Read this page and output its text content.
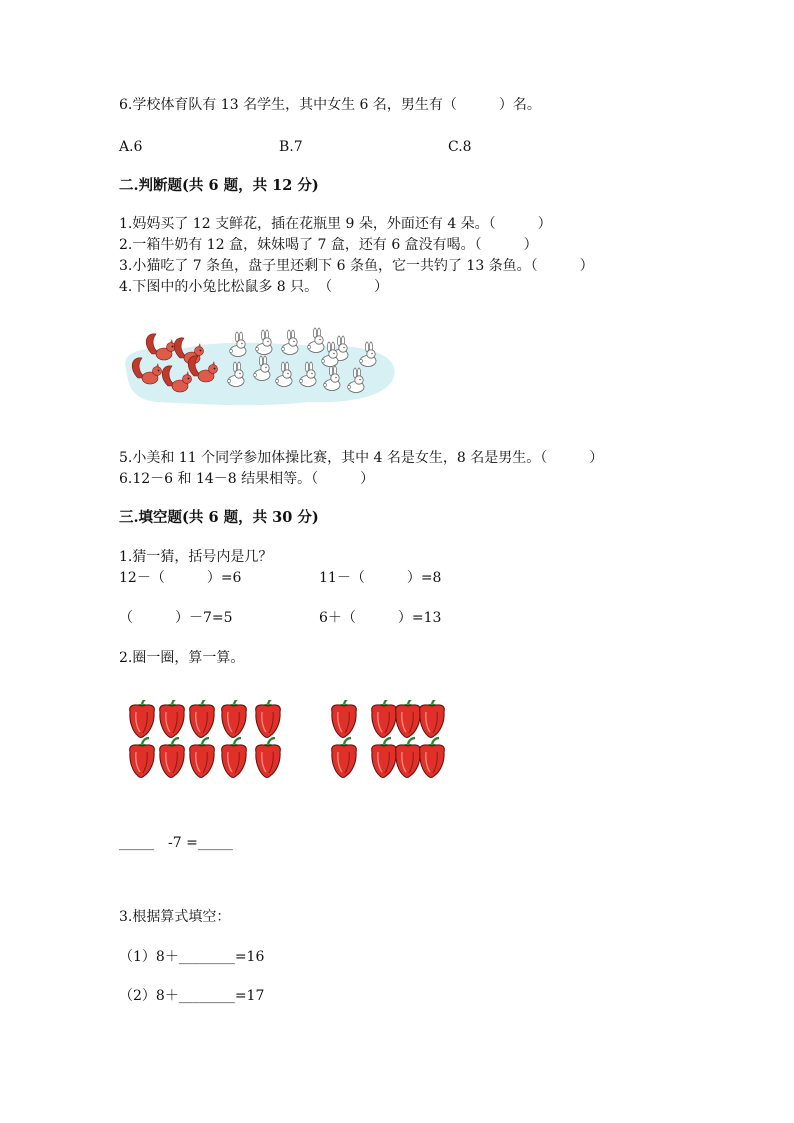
6.学校体育队有 13 名学生，其中女生 6 名，男生有（　　　）名。
A.6	B.7	C.8
二.判断题(共 6 题，共 12 分)
1.妈妈买了 12 支鲜花，插在花瓶里 9 朵，外面还有 4 朵。（　　　）
2.一箱牛奶有 12 盒，妹妹喝了 7 盒，还有 6 盒没有喝。（　　　）
3.小猫吃了 7 条鱼，盘子里还剩下 6 条鱼，它一共钓了 13 条鱼。（　　　）
4.下图中的小兔比松鼠多 8 只。　（　　　）
5.小美和 11 个同学参加体操比赛，其中 4 名是女生，8 名是男生。（　　　）
6.12－6 和 14－8 结果相等。（　　　）
三.填空题(共 6 题，共 30 分)
1.猜一猜，括号内是几？
12－（　　　）=6	11－（　　　）=8
（　　　）－7=5	6＋（　　　）=13
2.圈一圈，算一算。
_____　-7 =_____
3.根据算式填空：
（1）8＋________=16
（2）8＋________=17
